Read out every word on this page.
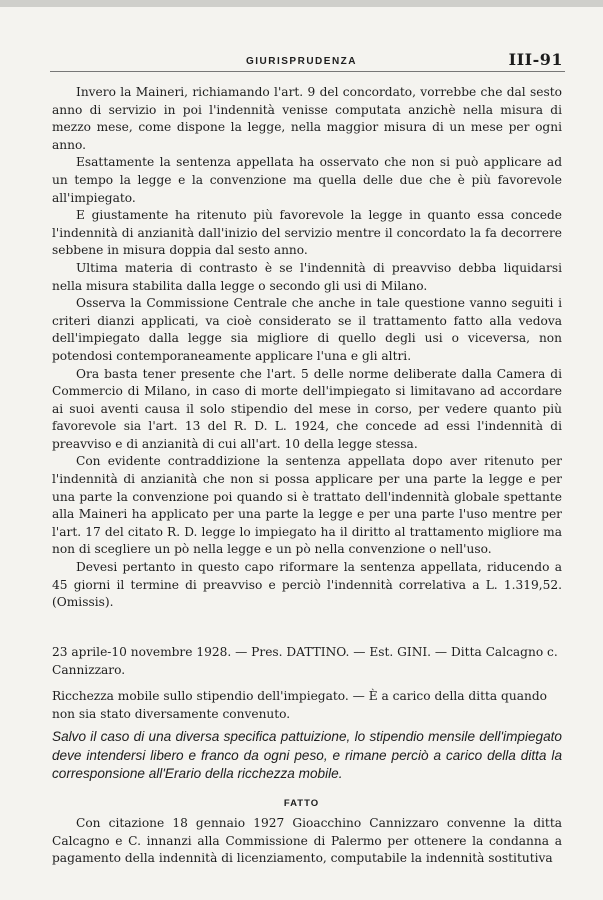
GIURISPRUDENZA	III-91

Invero la Maineri, richiamando l'art. 9 del concordato, vorrebbe che dal sesto anno di servizio in poi l'indennità venisse computata anzichè nella misura di mezzo mese, come dispone la legge, nella maggior misura di un mese per ogni anno.

Esattamente la sentenza appellata ha osservato che non si può applicare ad un tempo la legge e la convenzione ma quella delle due che è più favorevole all'impiegato.

E giustamente ha ritenuto più favorevole la legge in quanto essa concede l'indennità di anzianità dall'inizio del servizio mentre il concordato la fa decorrere sebbene in misura doppia dal sesto anno.

Ultima materia di contrasto è se l'indennità di preavviso debba liquidarsi nella misura stabilita dalla legge o secondo gli usi di Milano.

Osserva la Commissione Centrale che anche in tale questione vanno seguiti i criteri dianzi applicati, va cioè considerato se il trattamento fatto alla vedova dell'impiegato dalla legge sia migliore di quello degli usi o viceversa, non potendosi contemporaneamente applicare l'una e gli altri.

Ora basta tener presente che l'art. 5 delle norme deliberate dalla Camera di Commercio di Milano, in caso di morte dell'impiegato si limitavano ad accordare ai suoi aventi causa il solo stipendio del mese in corso, per vedere quanto più favorevole sia l'art. 13 del R. D. L. 1924, che concede ad essi l'indennità di preavviso e di anzianità di cui all'art. 10 della legge stessa.

Con evidente contraddizione la sentenza appellata dopo aver ritenuto per l'indennità di anzianità che non si possa applicare per una parte la legge e per una parte la convenzione poi quando si è trattato dell'indennità globale spettante alla Maineri ha applicato per una parte la legge e per una parte l'uso mentre per l'art. 17 del citato R. D. legge lo impiegato ha il diritto al trattamento migliore ma non di scegliere un pò nella legge e un pò nella convenzione o nell'uso.

Devesi pertanto in questo capo riformare la sentenza appellata, riducendo a 45 giorni il termine di preavviso e perciò l'indennità correlativa a L. 1.319,52. (Omissis).

23 aprile-10 novembre 1928. — Pres. DATTINO. — Est. GINI. — Ditta Calcagno c. Cannizzaro.

Ricchezza mobile sullo stipendio dell'impiegato. — È a carico della ditta quando non sia stato diversamente convenuto.

Salvo il caso di una diversa specifica pattuizione, lo stipendio mensile dell'impiegato deve intendersi libero e franco da ogni peso, e rimane perciò a carico della ditta la corresponsione all'Erario della ricchezza mobile.

FATTO

Con citazione 18 gennaio 1927 Gioacchino Cannizzaro convenne la ditta Calcagno e C. innanzi alla Commissione di Palermo per ottenere la condanna a pagamento della indennità di licenziamento, computabile la indennità sostitutiva
